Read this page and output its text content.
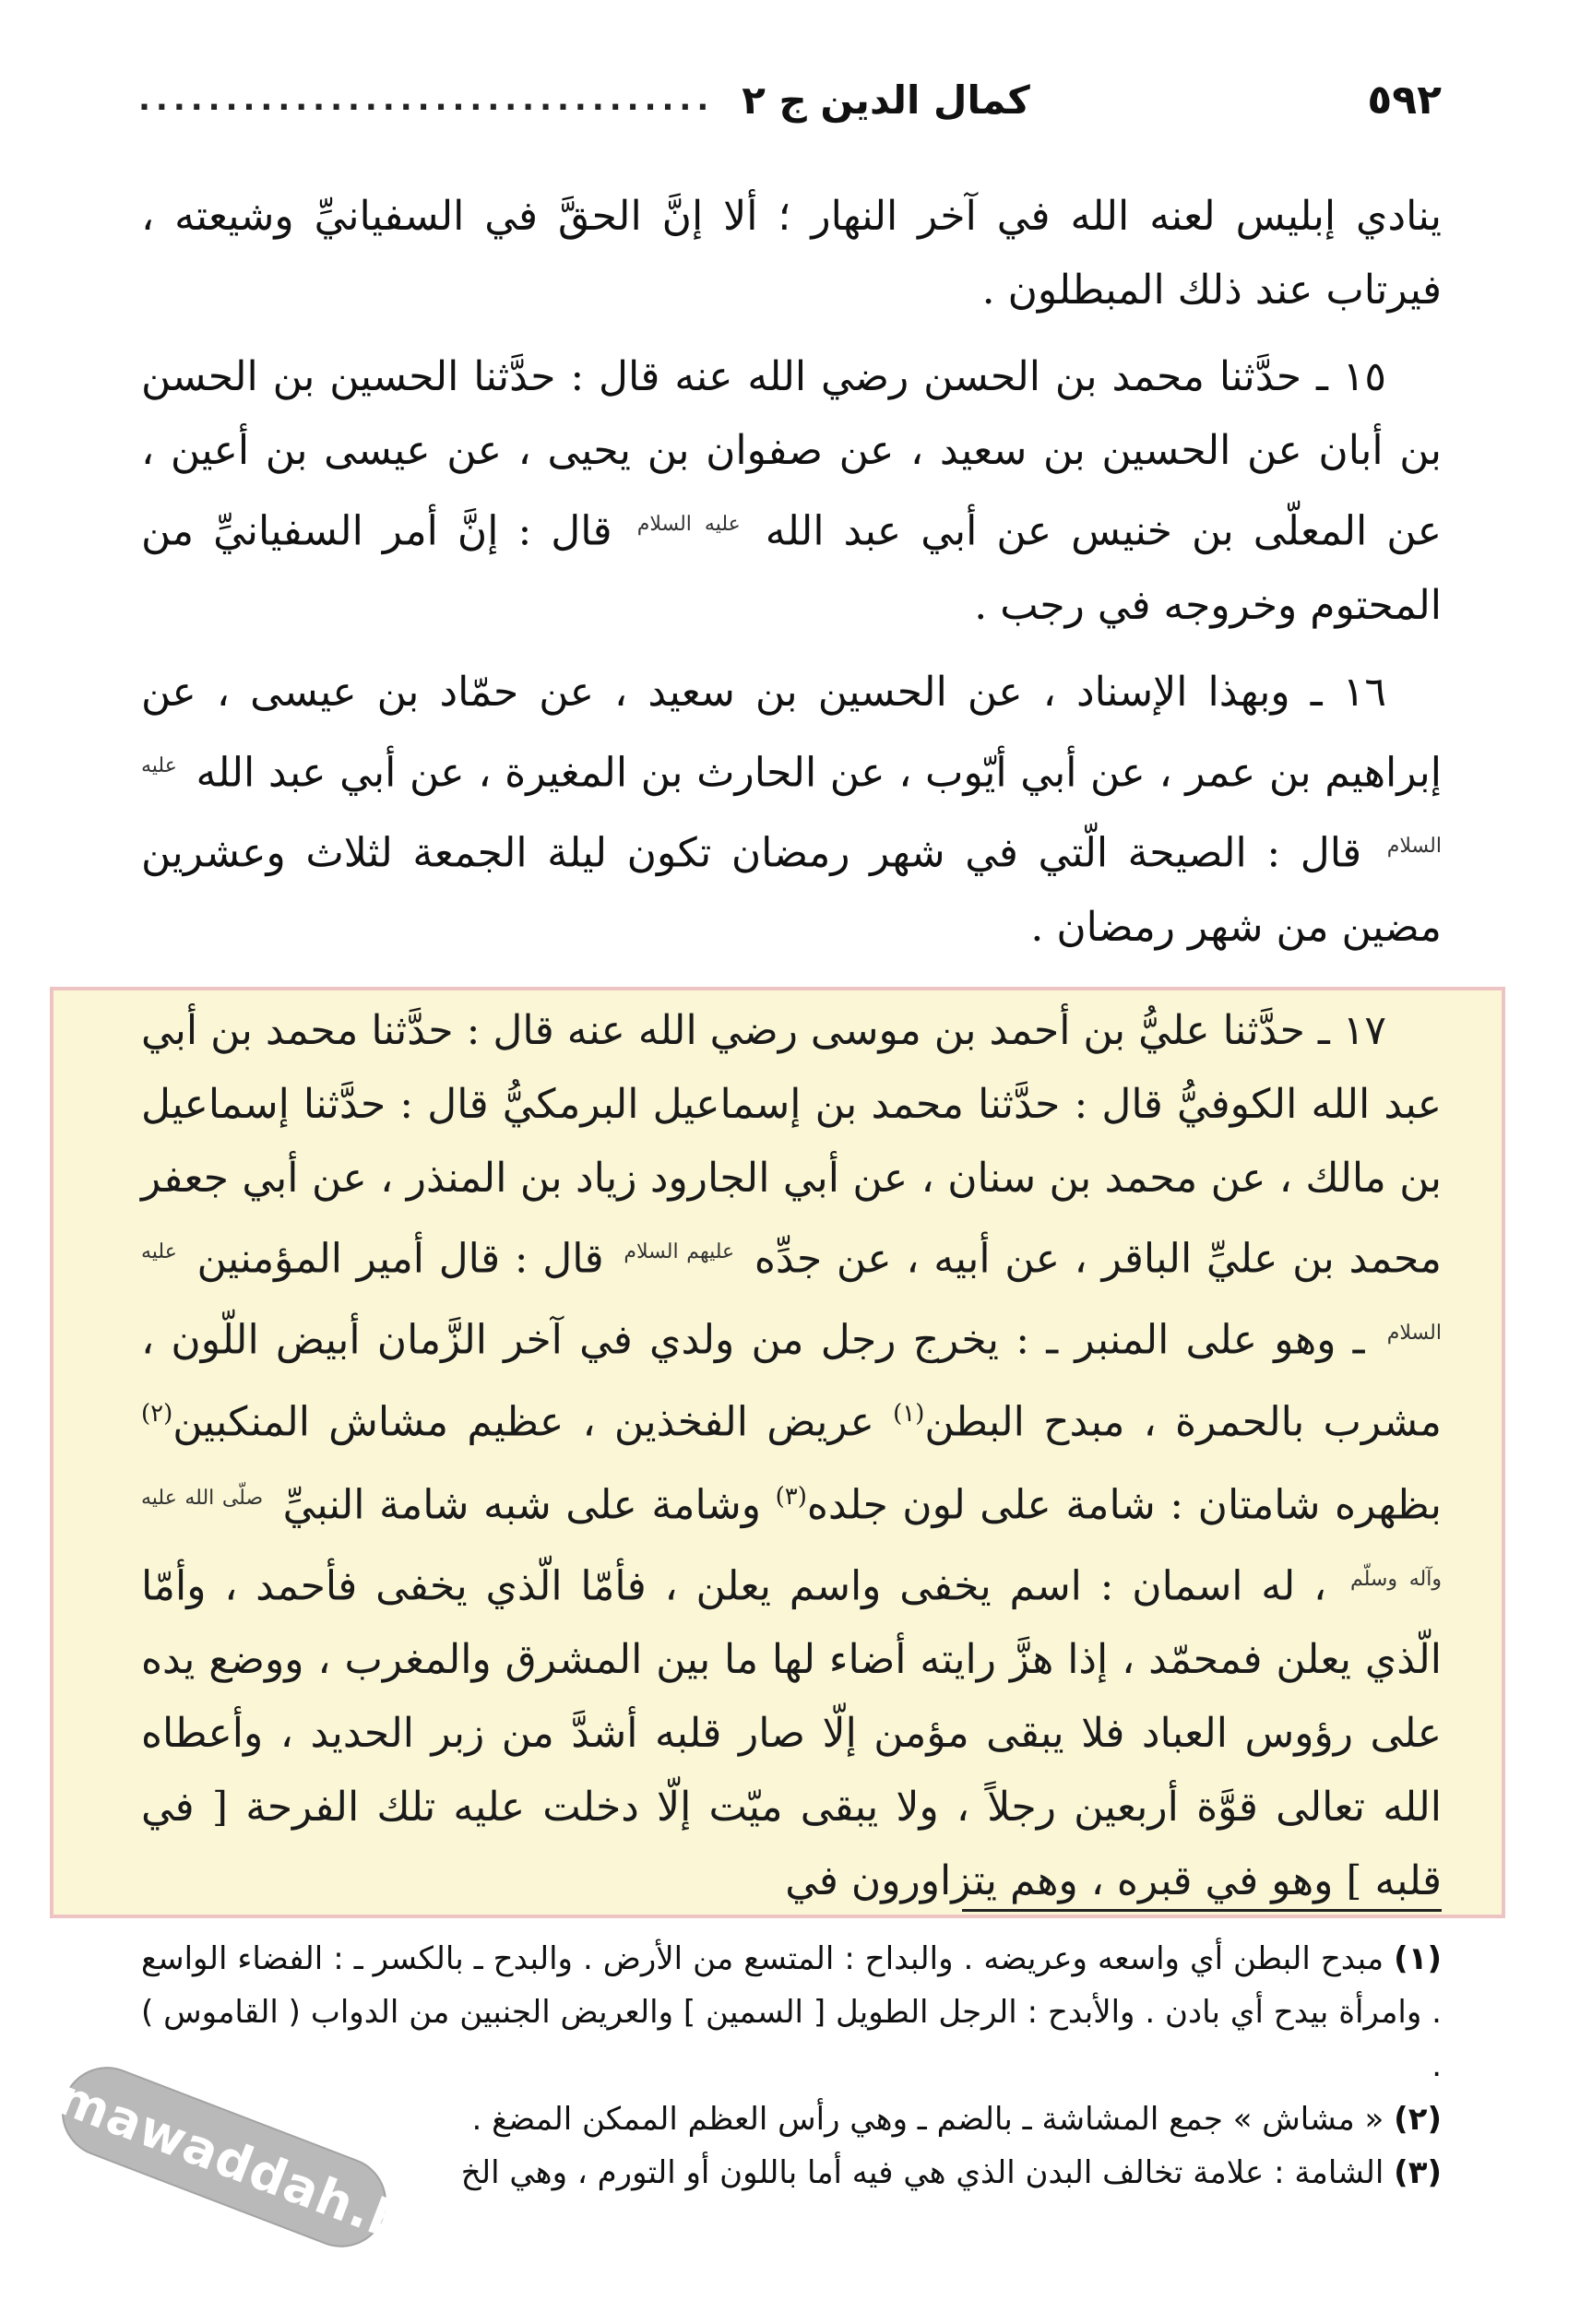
٥٩٢
................................. كمال الدين ج ٢

ينادي إبليس لعنه الله في آخر النهار ؛ ألا إنَّ الحقَّ في السفيانيِّ وشيعته ، فيرتاب عند ذلك المبطلون .

١٥ ـ حدَّثنا محمد بن الحسن رضي الله عنه قال : حدَّثنا الحسين بن الحسن بن أبان عن الحسين بن سعيد ، عن صفوان بن يحيى ، عن عيسى بن أعين ، عن المعلّى بن خنيس عن أبي عبد الله $^{عليه السلام}$ قال : إنَّ أمر السفيانيِّ من المحتوم وخروجه في رجب .

١٦ ـ وبهذا الإسناد ، عن الحسين بن سعيد ، عن حمّاد بن عيسى ، عن إبراهيم بن عمر ، عن أبي أيّوب ، عن الحارث بن المغيرة ، عن أبي عبد الله $^{عليه السلام}$ قال : الصيحة الّتي في شهر رمضان تكون ليلة الجمعة لثلاث وعشرين مضين من شهر رمضان .

١٧ ـ حدَّثنا عليُّ بن أحمد بن موسى رضي الله عنه قال : حدَّثنا محمد بن أبي عبد الله الكوفيُّ قال : حدَّثنا محمد بن إسماعيل البرمكيُّ قال : حدَّثنا إسماعيل بن مالك ، عن محمد بن سنان ، عن أبي الجارود زياد بن المنذر ، عن أبي جعفر محمد بن عليِّ الباقر ، عن أبيه ، عن جدِّه $^{عليهم السلام}$ قال : قال أمير المؤمنين $^{عليه السلام}$ ـ وهو على المنبر ـ : يخرج رجل من ولدي في آخر الزَّمان أبيض اللّون ، مشرب بالحمرة ، مبدح البطن$^{(١)}$ عريض الفخذين ، عظيم مشاش المنكبين$^{(٢)}$ بظهره شامتان : شامة على لون جلده$^{(٣)}$ وشامة على شبه شامة النبيِّ $^{صلّى الله عليه وآله وسلّم}$ ، له اسمان : اسم يخفى واسم يعلن ، فأمّا الّذي يخفى فأحمد ، وأمّا الّذي يعلن فمحمّد ، إذا هزَّ رايته أضاء لها ما بين المشرق والمغرب ، ووضع يده على رؤوس العباد فلا يبقى مؤمن إلّا صار قلبه أشدَّ من زبر الحديد ، وأعطاه الله تعالى قوَّة أربعين رجلاً ، ولا يبقى ميّت إلّا دخلت عليه تلك الفرحة [ في قلبه ] وهو في قبره ، وهم يتزاورون في

(١) مبدح البطن أي واسعه وعريضه . والبداح : المتسع من الأرض . والبدح ـ بالكسر ـ : الفضاء الواسع . وامرأة بيدح أي بادن . والأبدح : الرجل الطويل [ السمين ] والعريض الجنبين من الدواب ( القاموس ) .

(٢) « مشاش » جمع المشاشة ـ بالضم ـ وهي رأس العظم الممكن المضغ .

(٣) الشامة : علامة تخالف البدن الذي هي فيه أما باللون أو التورم ، وهي الخ

almawaddah.be
